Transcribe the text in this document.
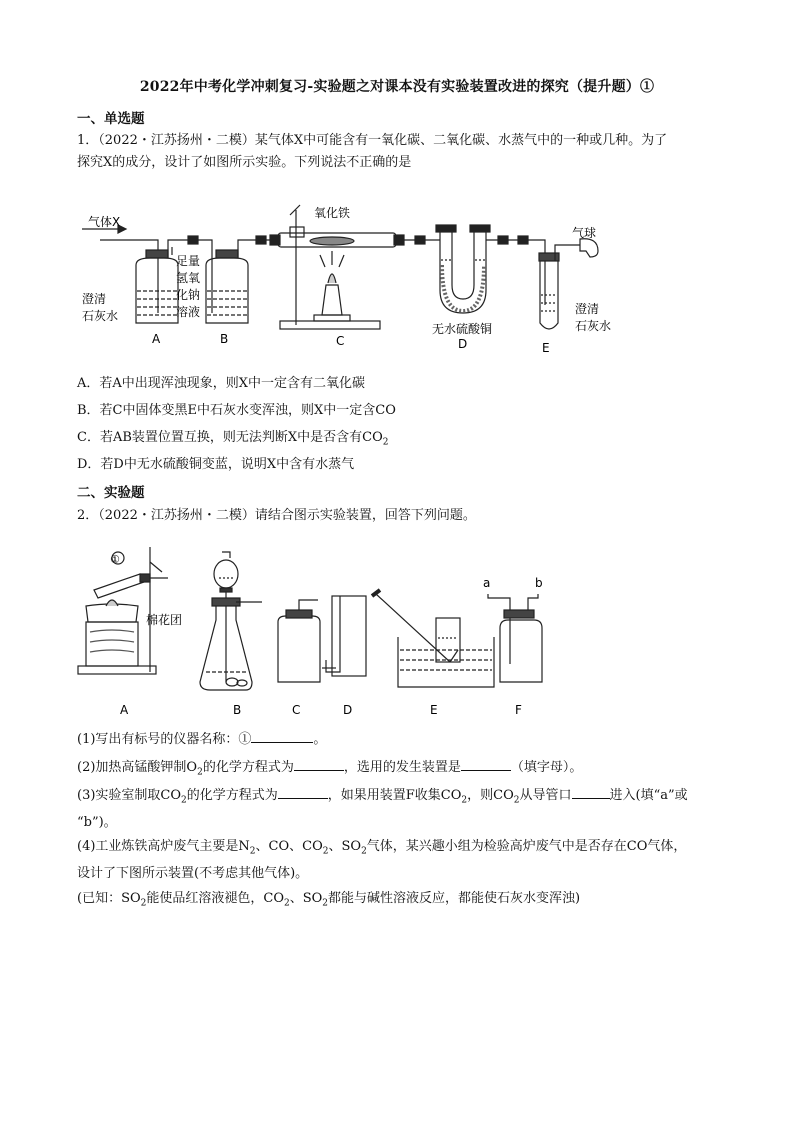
2022年中考化学冲刺复习-实验题之对课本没有实验装置改进的探究（提升题）①
一、单选题
1．（2022・江苏扬州・二模）某气体X中可能含有一氧化碳、二氧化碳、水蒸气中的一种或几种。为了
探究X的成分，设计了如图所示实验。下列说法不正确的是
气体X
氧化铁
气球
澄清
石灰水
足量
氢氧
化钠
溶液
无水硫酸铜
澄清
石灰水
A	B	C	D	E
A．若A中出现浑浊现象，则X中一定含有二氧化碳
B．若C中固体变黑E中石灰水变浑浊，则X中一定含CO
C．若AB装置位置互换，则无法判断X中是否含有$CO_2$
D．若D中无水硫酸铜变蓝，说明X中含有水蒸气
二、实验题
2．（2022・江苏扬州・二模）请结合图示实验装置，回答下列问题。
①
棉花团
a	b
A	B	C	D	E	F
(1)写出有标号的仪器名称：①	。
(2)加热高锰酸钾制$O_2$的化学方程式为	，选用的发生装置是	（填字母）。
(3)实验室制取$CO_2$的化学方程式为	，如果用装置F收集$CO_2$，则$CO_2$从导管口	进入(填“a”或
“b”)。
(4)工业炼铁高炉废气主要是$N_2$、CO、$CO_2$、$SO_2$气体，某兴趣小组为检验高炉废气中是否存在CO气体，
设计了下图所示装置(不考虑其他气体)。
(已知：$SO_2$能使品红溶液褪色，$CO_2$、$SO_2$都能与碱性溶液反应，都能使石灰水变浑浊)
